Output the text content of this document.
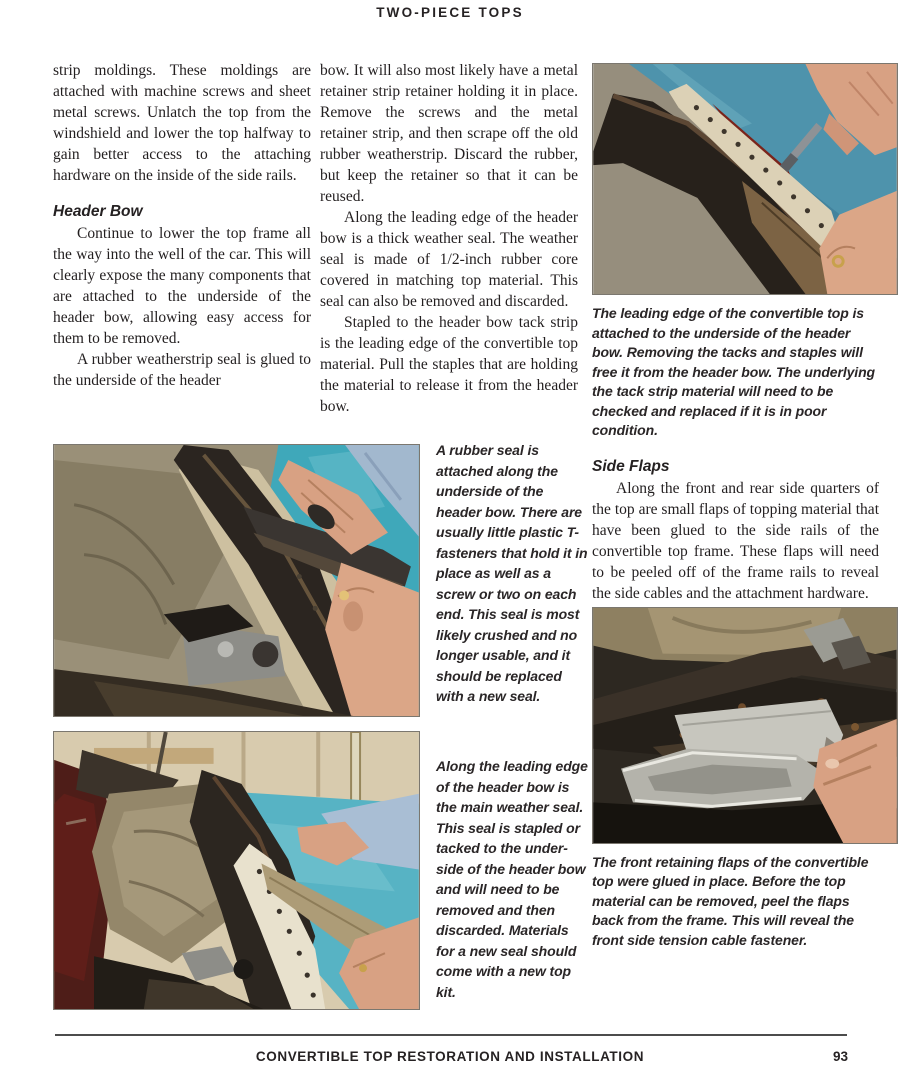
TWO-PIECE TOPS

strip moldings. These moldings are attached with machine screws and sheet metal screws. Unlatch the top from the windshield and lower the top halfway to gain better access to the attaching hardware on the inside of the side rails.

Header Bow

Continue to lower the top frame all the way into the well of the car. This will clearly expose the many components that are attached to the underside of the header bow, allowing easy access for them to be removed.

A rubber weatherstrip seal is glued to the underside of the header

bow. It will also most likely have a metal retainer strip retainer holding it in place. Remove the screws and the metal retainer strip, and then scrape off the old rubber weatherstrip. Discard the rubber, but keep the retainer so that it can be reused.

Along the leading edge of the header bow is a thick weather seal. The weather seal is made of 1/2-inch rubber core covered in matching top material. This seal can also be removed and discarded.

Stapled to the header bow tack strip is the leading edge of the convertible top material. Pull the staples that are holding the material to release it from the header bow.

The leading edge of the convertible top is attached to the underside of the header bow. Removing the tacks and staples will free it from the header bow. The underlying the tack strip material will need to be checked and replaced if it is in poor condition.

Side Flaps

Along the front and rear side quarters of the top are small flaps of topping material that have been glued to the side rails of the convertible top frame. These flaps will need to be peeled off of the frame rails to reveal the side cables and the attachment hardware.

The front retaining flaps of the convertible top were glued in place. Before the top material can be removed, peel the flaps back from the frame. This will reveal the front side tension cable fastener.
A rubber seal is attached along the underside of the header bow. There are usually little plastic T-fasteners that hold it in place as well as a screw or two on each end. This seal is most likely crushed and no longer usable, and it should be replaced with a new seal.
Along the leading edge of the header bow is the main weather seal. This seal is stapled or tacked to the underside of the header bow and will need to be removed and then discarded. Materials for a new seal should come with a new top kit.
CONVERTIBLE TOP RESTORATION AND INSTALLATION	93
